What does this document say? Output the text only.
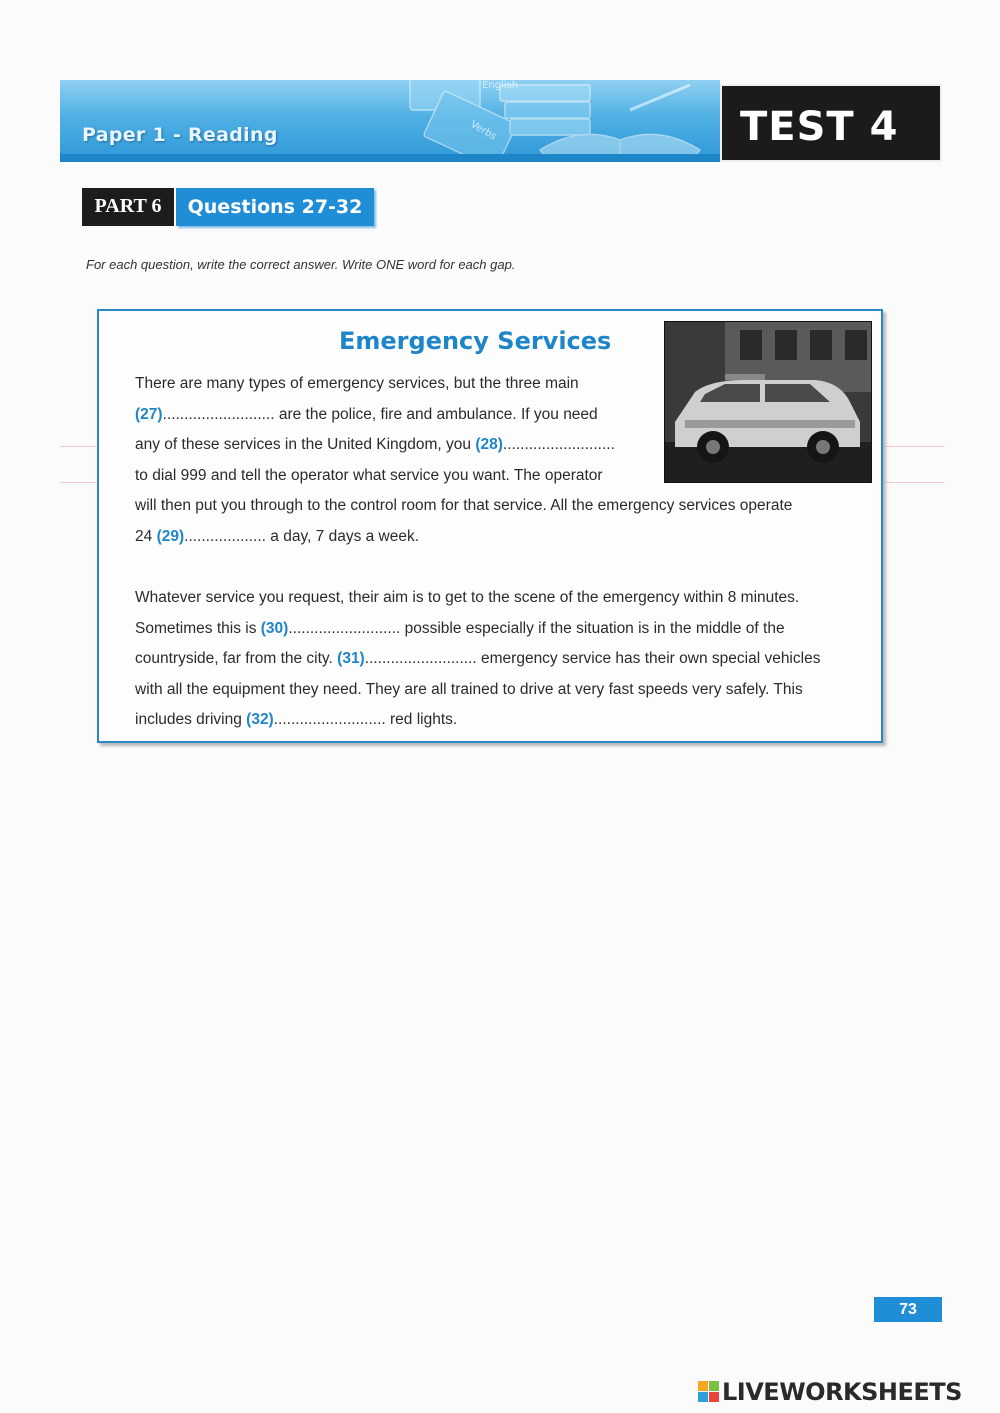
English
Verbs
Paper 1 - Reading	TEST 4
PART 6	Questions 27-32
For each question, write the correct answer. Write ONE word for each gap.
Emergency Services
There are many types of emergency services, but the three main
(27).......................... are the police, fire and ambulance. If you need
any of these services in the United Kingdom, you (28)..........................
to dial 999 and tell the operator what service you want. The operator
will then put you through to the control room for that service. All the emergency services operate
24 (29)................... a day, 7 days a week.
Whatever service you request, their aim is to get to the scene of the emergency within 8 minutes.
Sometimes this is (30).......................... possible especially if the situation is in the middle of the
countryside, far from the city. (31).......................... emergency service has their own special vehicles
with all the equipment they need. They are all trained to drive at very fast speeds very safely. This
includes driving (32).......................... red lights.
73
LIVEWORKSHEETS
